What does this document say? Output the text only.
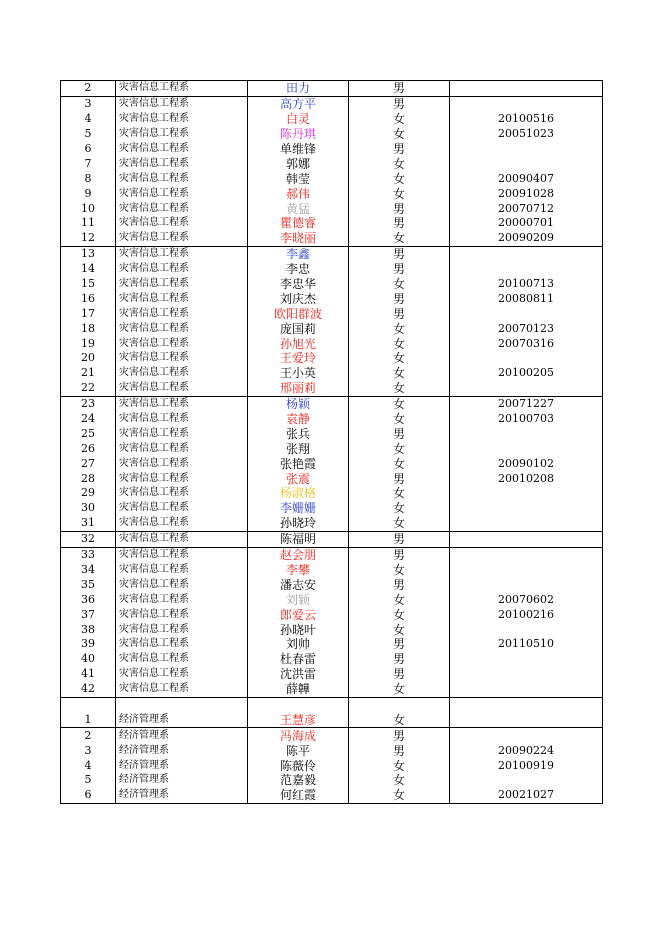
2	灾害信息工程系	田力	男	
3	灾害信息工程系	高方平	男	
4	灾害信息工程系	白灵	女	20100516
5	灾害信息工程系	陈丹琪	女	20051023
6	灾害信息工程系	单维锋	男	
7	灾害信息工程系	郭娜	女	
8	灾害信息工程系	韩莹	女	20090407
9	灾害信息工程系	郝伟	女	20091028
10	灾害信息工程系	黄猛	男	20070712
11	灾害信息工程系	瞿德睿	男	20000701
12	灾害信息工程系	李晓丽	女	20090209
13	灾害信息工程系	李鑫	男	
14	灾害信息工程系	李忠	男	
15	灾害信息工程系	李忠华	女	20100713
16	灾害信息工程系	刘庆杰	男	20080811
17	灾害信息工程系	欧阳群波	男	
18	灾害信息工程系	庞国莉	女	20070123
19	灾害信息工程系	孙旭光	女	20070316
20	灾害信息工程系	王爱玲	女	
21	灾害信息工程系	王小英	女	20100205
22	灾害信息工程系	邢丽莉	女	
23	灾害信息工程系	杨颖	女	20071227
24	灾害信息工程系	袁静	女	20100703
25	灾害信息工程系	张兵	男	
26	灾害信息工程系	张翔	女	
27	灾害信息工程系	张艳霞	女	20090102
28	灾害信息工程系	张震	男	20010208
29	灾害信息工程系	杨淑格	女	
30	灾害信息工程系	李姗姗	女	
31	灾害信息工程系	孙晓玲	女	
32	灾害信息工程系	陈福明	男	
33	灾害信息工程系	赵会朋	男	
34	灾害信息工程系	李攀	女	
35	灾害信息工程系	潘志安	男	
36	灾害信息工程系	刘颖	女	20070602
37	灾害信息工程系	郎爱云	女	20100216
38	灾害信息工程系	孙晓叶	女	
39	灾害信息工程系	刘帅	男	20110510
40	灾害信息工程系	杜春雷	男	
41	灾害信息工程系	沈洪雷	男	
42	灾害信息工程系	薛韡	女	

1	经济管理系	王慧彦	女	
2	经济管理系	冯海成	男	
3	经济管理系	陈平	男	20090224
4	经济管理系	陈薇伶	女	20100919
5	经济管理系	范嘉毅	女	
6	经济管理系	何红霞	女	20021027
